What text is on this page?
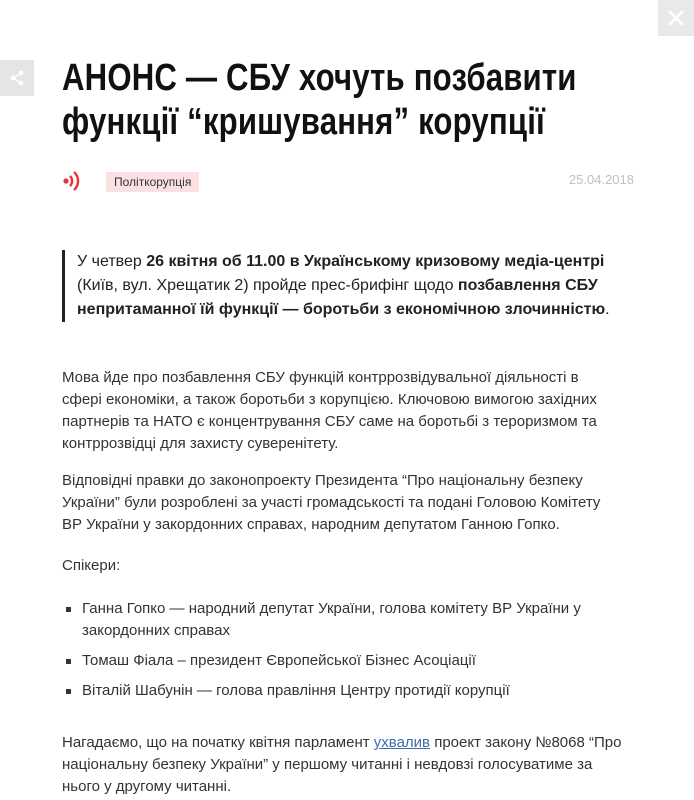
АНОНС — СБУ хочуть позбавити функції “кришування” корупції
Політкорупція	25.04.2018
У четвер 26 квітня об 11.00 в Українському кризовому медіа-центрі (Київ, вул. Хрещатик 2) пройде прес-брифінг щодо позбавлення СБУ непритаманної їй функції — боротьби з економічною злочинністю.

Мова йде про позбавлення СБУ функцій контррозвідувальної діяльності в сфері економіки, а також боротьби з корупцією. Ключовою вимогою західних партнерів та НАТО є концентрування СБУ саме на боротьбі з тероризмом та контррозвідці для захисту суверенітету.

Відповідні правки до законопроекту Президента “Про національну безпеку України” були розроблені за участі громадськості та подані Головою Комітету ВР України у закордонних справах, народним депутатом Ганною Гопко.

Спікери:

Ганна Гопко — народний депутат України, голова комітету ВР України у закордонних справах
Томаш Фіала – президент Європейської Бізнес Асоціації
Віталій Шабунін — голова правління Центру протидії корупції

Нагадаємо, що на початку квітня парламент ухвалив проект закону №8068 “Про національну безпеку України” у першому читанні і невдовзі голосуватиме за нього у другому читанні.
